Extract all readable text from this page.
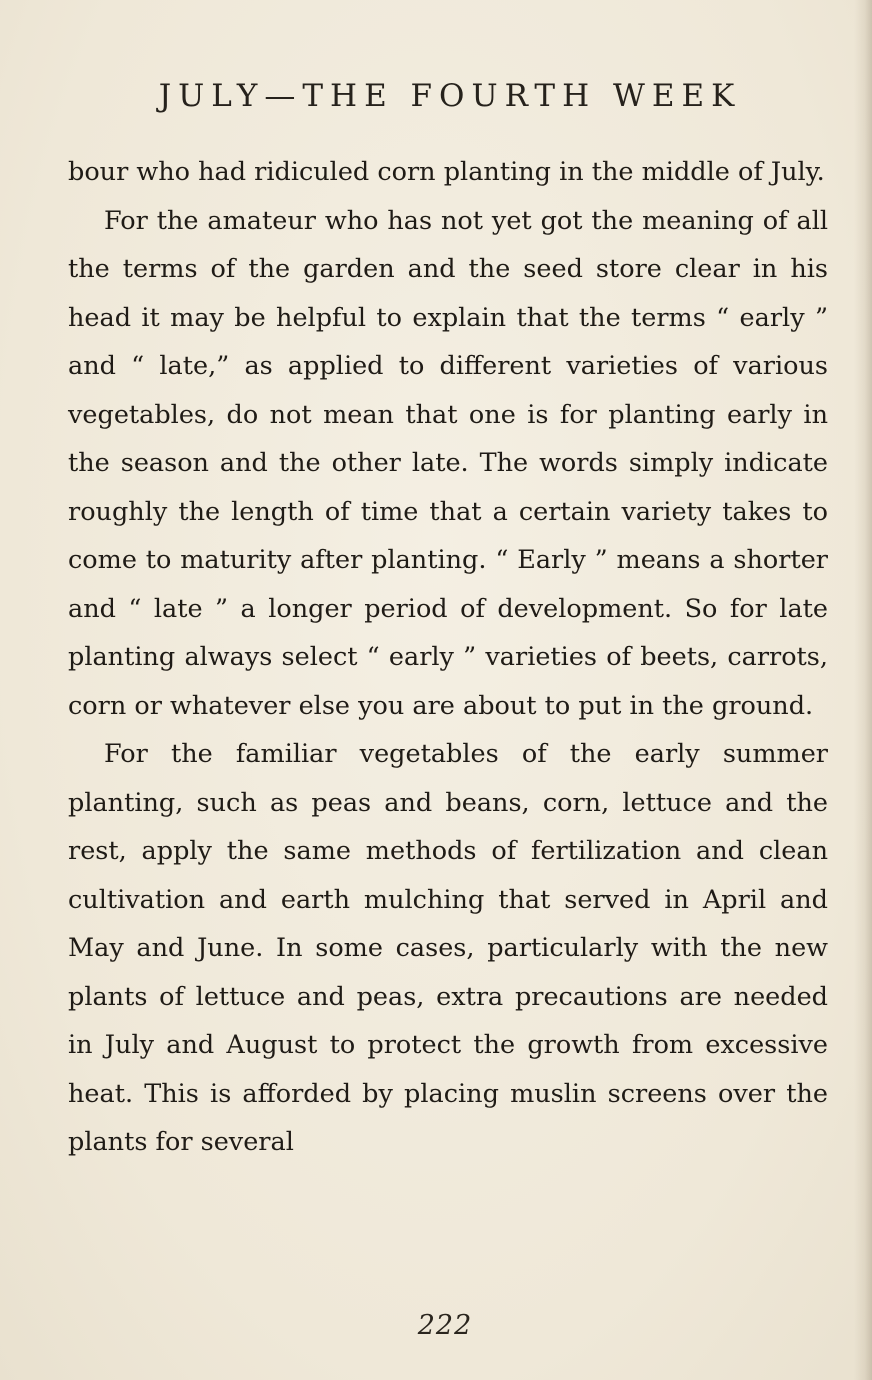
JULY—THE FOURTH WEEK

bour who had ridiculed corn planting in the middle of July.

For the amateur who has not yet got the meaning of all the terms of the garden and the seed store clear in his head it may be helpful to explain that the terms “ early ” and “ late,” as applied to different varieties of various vegetables, do not mean that one is for planting early in the season and the other late. The words simply indicate roughly the length of time that a certain variety takes to come to maturity after planting. “ Early ” means a shorter and “ late ” a longer period of development. So for late planting always select “ early ” varieties of beets, carrots, corn or whatever else you are about to put in the ground.

For the familiar vegetables of the early summer planting, such as peas and beans, corn, lettuce and the rest, apply the same methods of fertilization and clean cultivation and earth mulching that served in April and May and June. In some cases, particularly with the new plants of lettuce and peas, extra precautions are needed in July and August to protect the growth from excessive heat. This is afforded by placing muslin screens over the plants for several

222
